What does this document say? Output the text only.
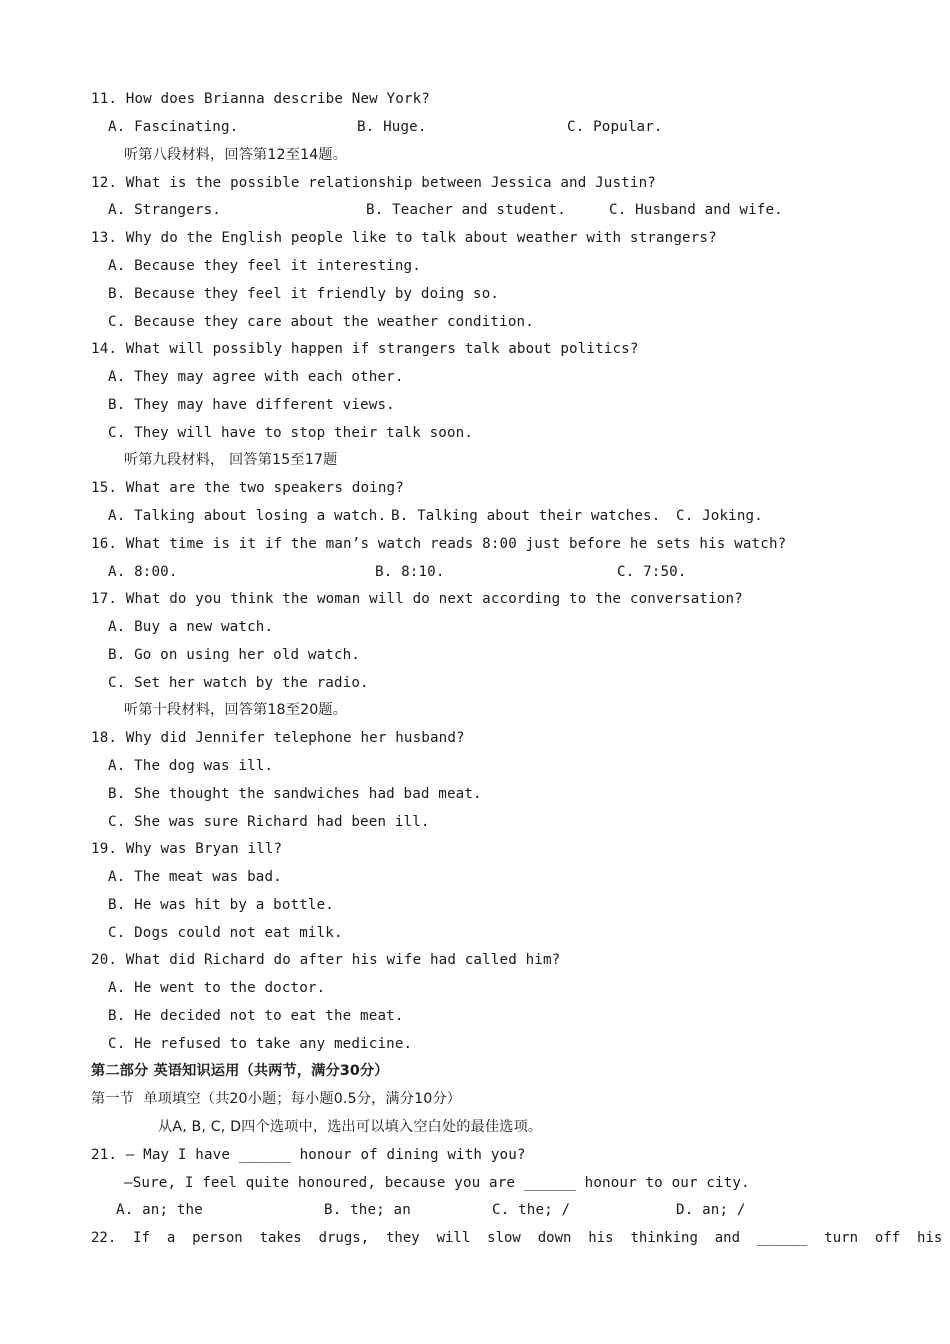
11. How does Brianna describe New York?
A. Fascinating.	B. Huge.	C. Popular.
听第八段材料，回答第12至14题。
12. What is the possible relationship between Jessica and Justin?
A. Strangers.	B. Teacher and student.	C. Husband and wife.
13. Why do the English people like to talk about weather with strangers?
A. Because they feel it interesting.
B. Because they feel it friendly by doing so.
C. Because they care about the weather condition.
14. What will possibly happen if strangers talk about politics?
A. They may agree with each other.
B. They may have different views.
C. They will have to stop their talk soon.
听第九段材料， 回答第15至17题
15. What are the two speakers doing?
A. Talking about losing a watch. B. Talking about their watches. C. Joking.
16. What time is it if the man’s watch reads 8:00 just before he sets his watch?
A. 8:00.	B. 8:10.	C. 7:50.
17. What do you think the woman will do next according to the conversation?
A. Buy a new watch.
B. Go on using her old watch.
C. Set her watch by the radio.
听第十段材料，回答第18至20题。
18. Why did Jennifer telephone her husband?
A. The dog was ill.
B. She thought the sandwiches had bad meat.
C. She was sure Richard had been ill.
19. Why was Bryan ill?
A. The meat was bad.
B. He was hit by a bottle.
C. Dogs could not eat milk.
20. What did Richard do after his wife had called him?
A. He went to the doctor.
B. He decided not to eat the meat.
C. He refused to take any medicine.
第二部分 英语知识运用（共两节，满分30分）
第一节  单项填空（共20小题；每小题0.5分，满分10分）
从A, B, C, D四个选项中，选出可以填入空白处的最佳选项。
21. — May I have ______ honour of dining with you?
—Sure, I feel quite honoured, because you are ______ honour to our city.
A. an; the	B. the; an	C. the; /	D. an; /
22.  If  a  person  takes  drugs,  they  will  slow  down  his  thinking  and  ______  turn  off  his
